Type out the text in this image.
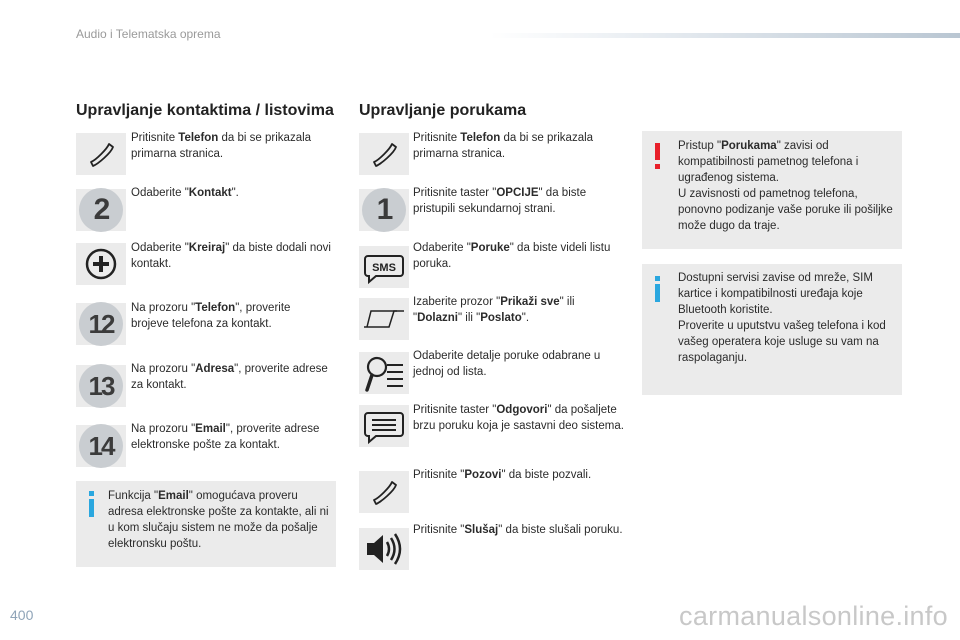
Audio i Telematska oprema
Upravljanje kontaktima / listovima
Pritisnite Telefon da bi se prikazala primarna stranica.
2	Odaberite "Kontakt".
Odaberite "Kreiraj" da biste dodali novi kontakt.
12
Na prozoru "Telefon", proverite brojeve telefona za kontakt.
13
Na prozoru "Adresa", proverite adrese za kontakt.
14
Na prozoru "Email", proverite adrese elektronske pošte za kontakt.
Funkcija "Email" omogućava proveru adresa elektronske pošte za kontakte, ali ni u kom slučaju sistem ne može da pošalje elektronsku poštu.
Upravljanje porukama
Pritisnite Telefon da bi se prikazala primarna stranica.
1	Pritisnite taster "OPCIJE" da biste pristupili sekundarnoj strani.
SMS
Odaberite "Poruke" da biste videli listu poruka.
Izaberite prozor "Prikaži sve" ili "Dolazni" ili "Poslato".
Odaberite detalje poruke odabrane u jednoj od lista.
Pritisnite taster "Odgovori" da pošaljete brzu poruku koja je sastavni deo sistema.
Pritisnite "Pozovi" da biste pozvali.
Pritisnite "Slušaj" da biste slušali poruku.
Pristup "Porukama" zavisi od kompatibilnosti pametnog telefona i ugrađenog sistema.
U zavisnosti od pametnog telefona, ponovno podizanje vaše poruke ili pošiljke može dugo da traje.
Dostupni servisi zavise od mreže, SIM kartice i kompatibilnosti uređaja koje Bluetooth koristite.
Proverite u uputstvu vašeg telefona i kod vašeg operatera koje usluge su vam na raspolaganju.
400	carmanualsonline.info
